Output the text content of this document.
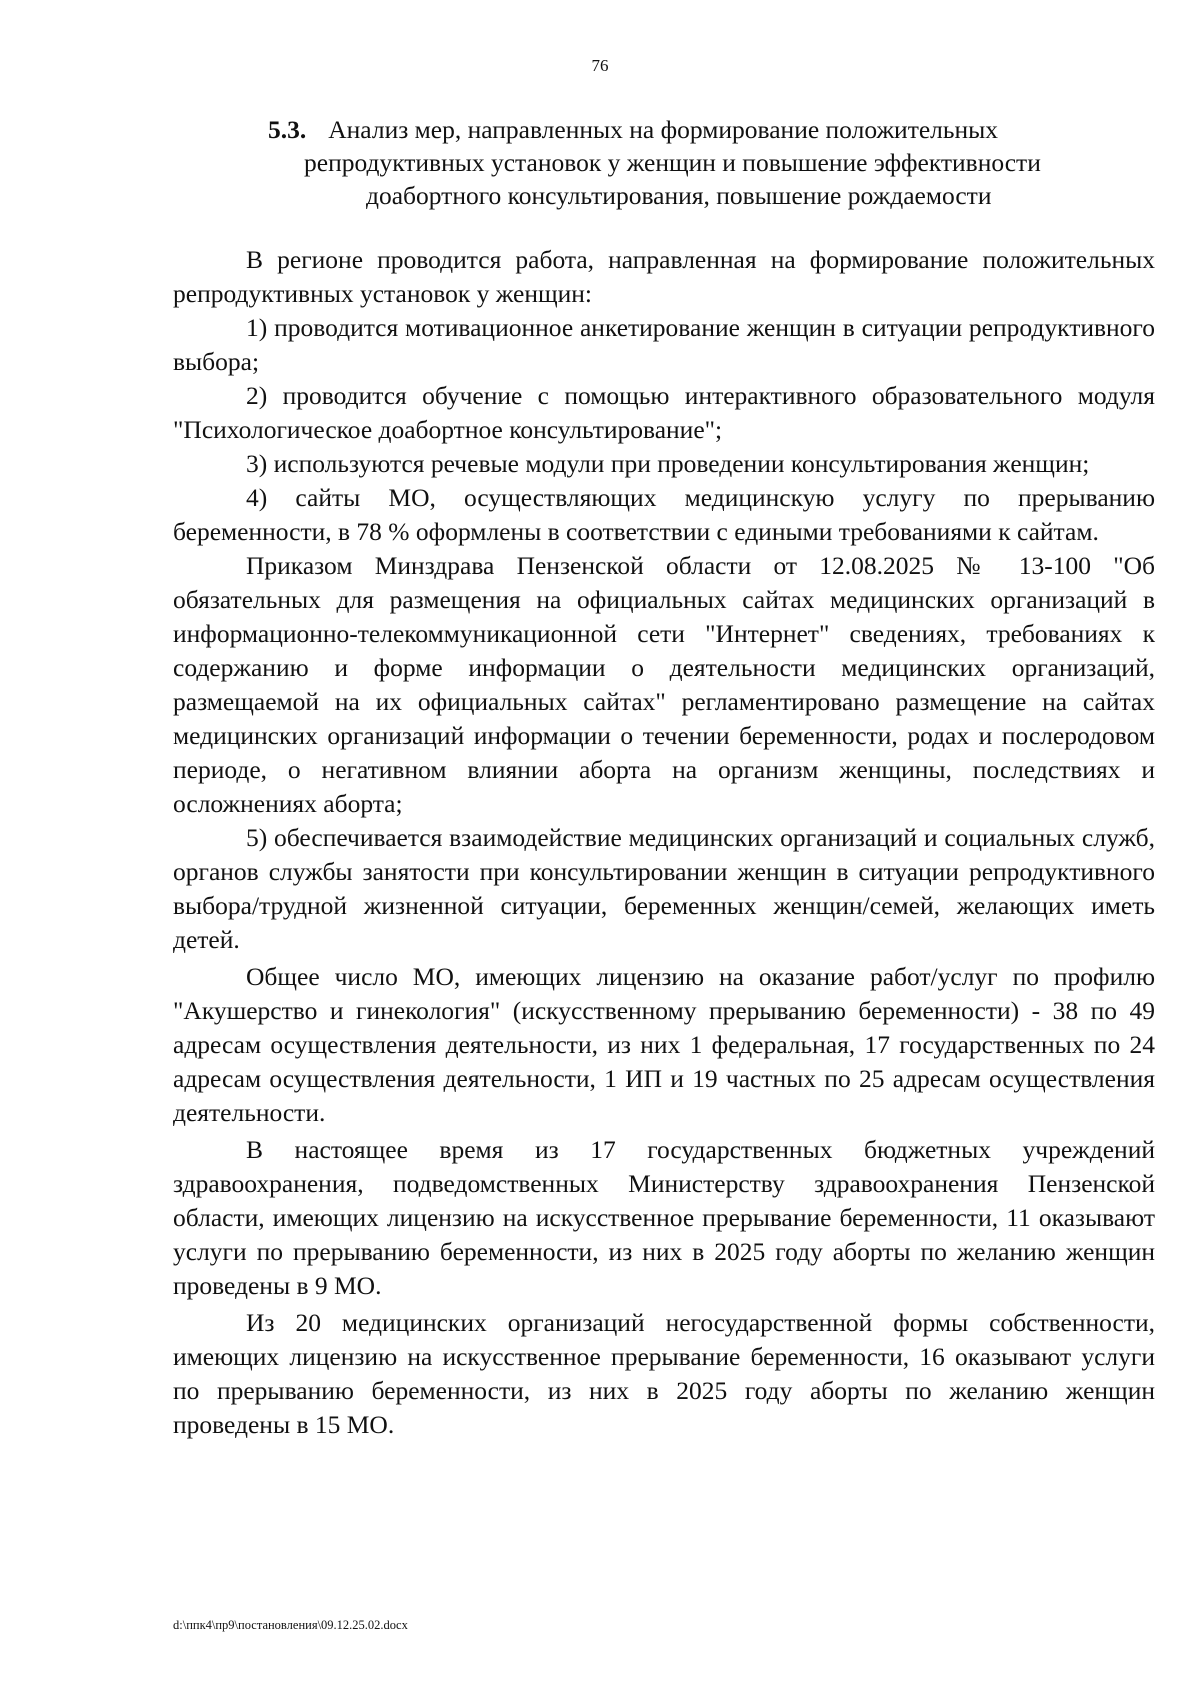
76
5.3. Анализ мер, направленных на формирование положительных
репродуктивных установок у женщин и повышение эффективности
доабортного консультирования, повышение рождаемости

В регионе проводится работа, направленная на формирование положительных репродуктивных установок у женщин:

1) проводится мотивационное анкетирование женщин в ситуации репродуктивного выбора;

2) проводится обучение с помощью интерактивного образовательного модуля "Психологическое доабортное консультирование";

3) используются речевые модули при проведении консультирования женщин;

4) сайты МО, осуществляющих медицинскую услугу по прерыванию беременности, в 78 % оформлены в соответствии с едиными требованиями к сайтам.

Приказом Минздрава Пензенской области от 12.08.2025 № 13-100 "Об обязательных для размещения на официальных сайтах медицинских организаций в информационно-телекоммуникационной сети "Интернет" сведениях, требованиях к содержанию и форме информации о деятельности медицинских организаций, размещаемой на их официальных сайтах" регламентировано размещение на сайтах медицинских организаций информации о течении беременности, родах и послеродовом периоде, о негативном влиянии аборта на организм женщины, последствиях и осложнениях аборта;

5) обеспечивается взаимодействие медицинских организаций и социальных служб, органов службы занятости при консультировании женщин в ситуации репродуктивного выбора/трудной жизненной ситуации, беременных женщин/семей, желающих иметь детей.

Общее число МО, имеющих лицензию на оказание работ/услуг по профилю "Акушерство и гинекология" (искусственному прерыванию беременности) - 38 по 49 адресам осуществления деятельности, из них 1 федеральная, 17 государственных по 24 адресам осуществления деятельности, 1 ИП и 19 частных по 25 адресам осуществления деятельности.

В настоящее время из 17 государственных бюджетных учреждений здравоохранения, подведомственных Министерству здравоохранения Пензенской области, имеющих лицензию на искусственное прерывание беременности, 11 оказывают услуги по прерыванию беременности, из них в 2025 году аборты по желанию женщин проведены в 9 МО.

Из 20 медицинских организаций негосударственной формы собственности, имеющих лицензию на искусственное прерывание беременности, 16 оказывают услуги по прерыванию беременности, из них в 2025 году аборты по желанию женщин проведены в 15 МО.

d:\ппк4\пр9\постановления\09.12.25.02.docx
